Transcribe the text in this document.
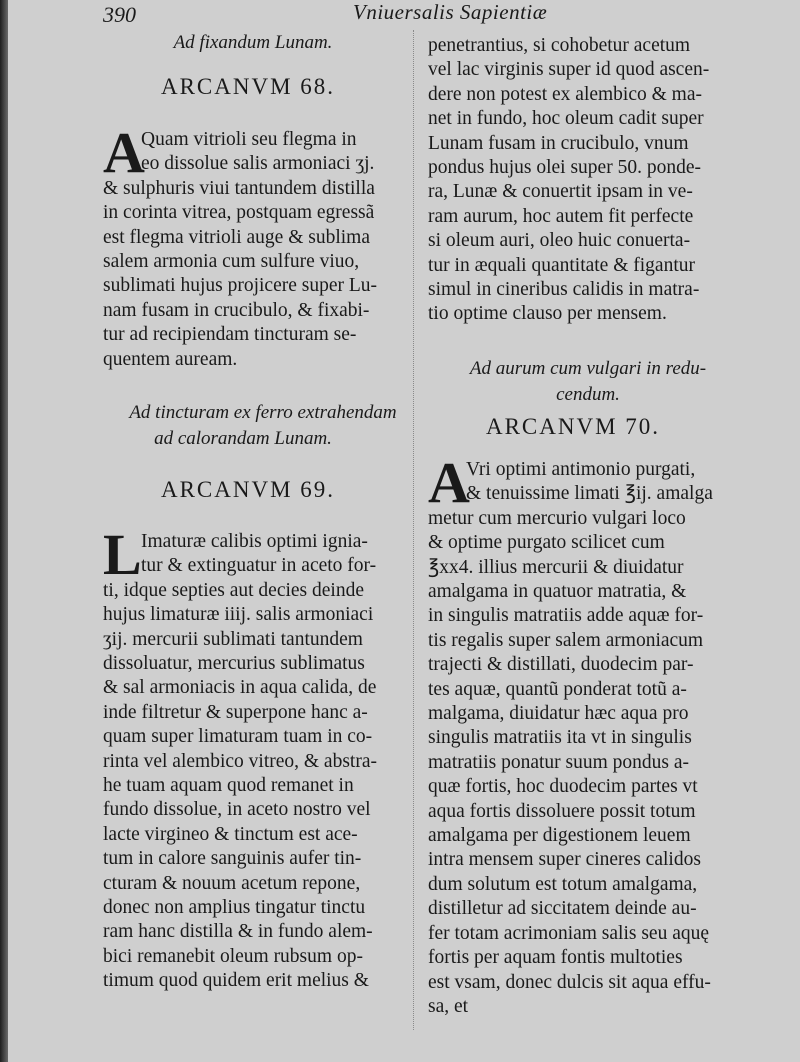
390	Vniuersalis Sapientiæ
Ad fixandum Lunam.
ARCANVM 68.
A
Quam vitrioli seu flegma in
eo dissolue salis armoniaci ʒj.
& sulphuris viui tantundem distilla
in corinta vitrea, postquam egressã
est flegma vitrioli auge & sublima
salem armonia cum sulfure viuo,
sublimati hujus projicere super Lu-
nam fusam in crucibulo, & fixabi-
tur ad recipiendam tincturam se-
quentem auream.
Ad tincturam ex ferro extrahendam
ad calorandam Lunam.
ARCANVM 69.
L Imaturæ calibis optimi ignia-
tur & extinguatur in aceto for-
ti, idque septies aut decies deinde
hujus limaturæ iiij. salis armoniaci
ʒij. mercurii sublimati tantundem
dissoluatur, mercurius sublimatus
& sal armoniacis in aqua calida, de
inde filtretur & superpone hanc a-
quam super limaturam tuam in co-
rinta vel alembico vitreo, & abstra-
he tuam aquam quod remanet in
fundo dissolue, in aceto nostro vel
lacte virgineo & tinctum est ace-
tum in calore sanguinis aufer tin-
cturam & nouum acetum repone,
donec non amplius tingatur tinctu
ram hanc distilla & in fundo alem-
bici remanebit oleum rubsum op-
timum quod quidem erit melius &
penetrantius, si cohobetur acetum
vel lac virginis super id quod ascen-
dere non potest ex alembico & ma-
net in fundo, hoc oleum cadit super
Lunam fusam in crucibulo, vnum
pondus hujus olei super 50. ponde-
ra, Lunæ & conuertit ipsam in ve-
ram aurum, hoc autem fit perfecte
si oleum auri, oleo huic conuerta-
tur in æquali quantitate & figantur
simul in cineribus calidis in matra-
tio optime clauso per mensem.
Ad aurum cum vulgari in redu-
cendum.
ARCANVM 70.
A
Vri optimi antimonio purgati,
& tenuissime limati ℥ij. amalga
metur cum mercurio vulgari loco
& optime purgato scilicet cum
℥xx4. illius mercurii & diuidatur
amalgama in quatuor matratia, &
in singulis matratiis adde aquæ for-
tis regalis super salem armoniacum
trajecti & distillati, duodecim par-
tes aquæ, quantũ ponderat totũ a-
malgama, diuidatur hæc aqua pro
singulis matratiis ita vt in singulis
matratiis ponatur suum pondus a-
quæ fortis, hoc duodecim partes vt
aqua fortis dissoluere possit totum
amalgama per digestionem leuem
intra mensem super cineres calidos
dum solutum est totum amalgama,
distilletur ad siccitatem deinde au-
fer totam acrimoniam salis seu aquę
fortis per aquam fontis multoties
est vsam, donec dulcis sit aqua effu-
sa, et
